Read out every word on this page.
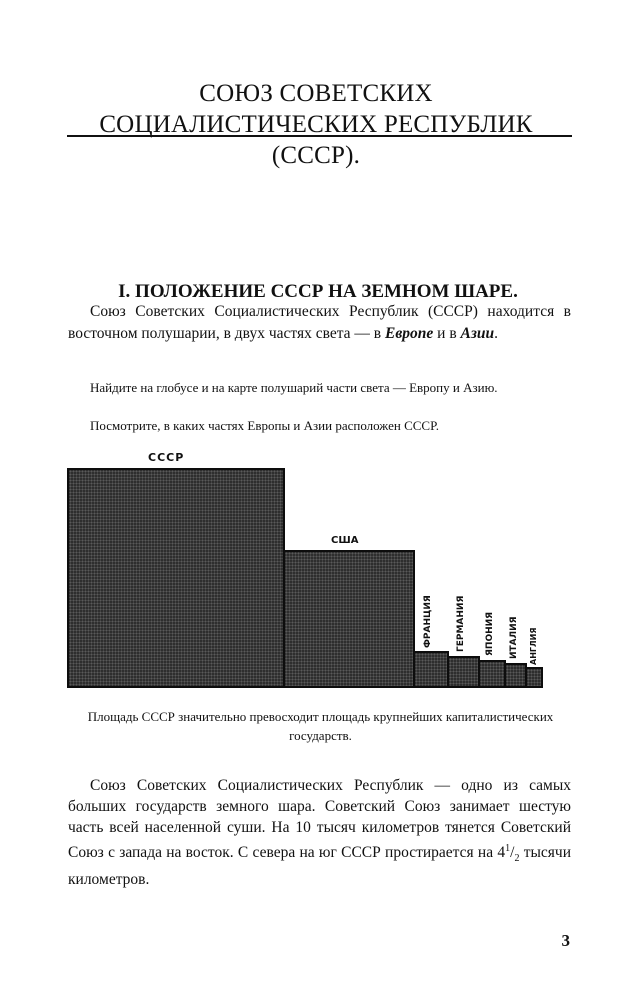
СОЮЗ СОВЕТСКИХ СОЦИАЛИСТИЧЕСКИХ РЕСПУБЛИК (СССР).
I. ПОЛОЖЕНИЕ СССР НА ЗЕМНОМ ШАРЕ.

Союз Советских Социалистических Республик (СССР) находится в восточном полушарии, в двух частях света — в Европе и в Азии.

Найдите на глобусе и на карте полушарий части света — Европу и Азию.

Посмотрите, в каких частях Европы и Азии расположен СССР.

СССР
США
ФРАНЦИЯ	ГЕРМАНИЯ ЯПОНИЯ ИТАЛИЯ АНГЛИЯ

Площадь СССР значительно превосходит площадь крупнейших капиталистических государств.

Союз Советских Социалистических Республик — одно из самых больших государств земного шара. Советский Союз занимает шестую часть всей населенной суши. На 10 тысяч километров тянется Советский Союз с запада на восток. С севера на юг СССР простирается на $4^1/_2$ тысячи километров.

3
